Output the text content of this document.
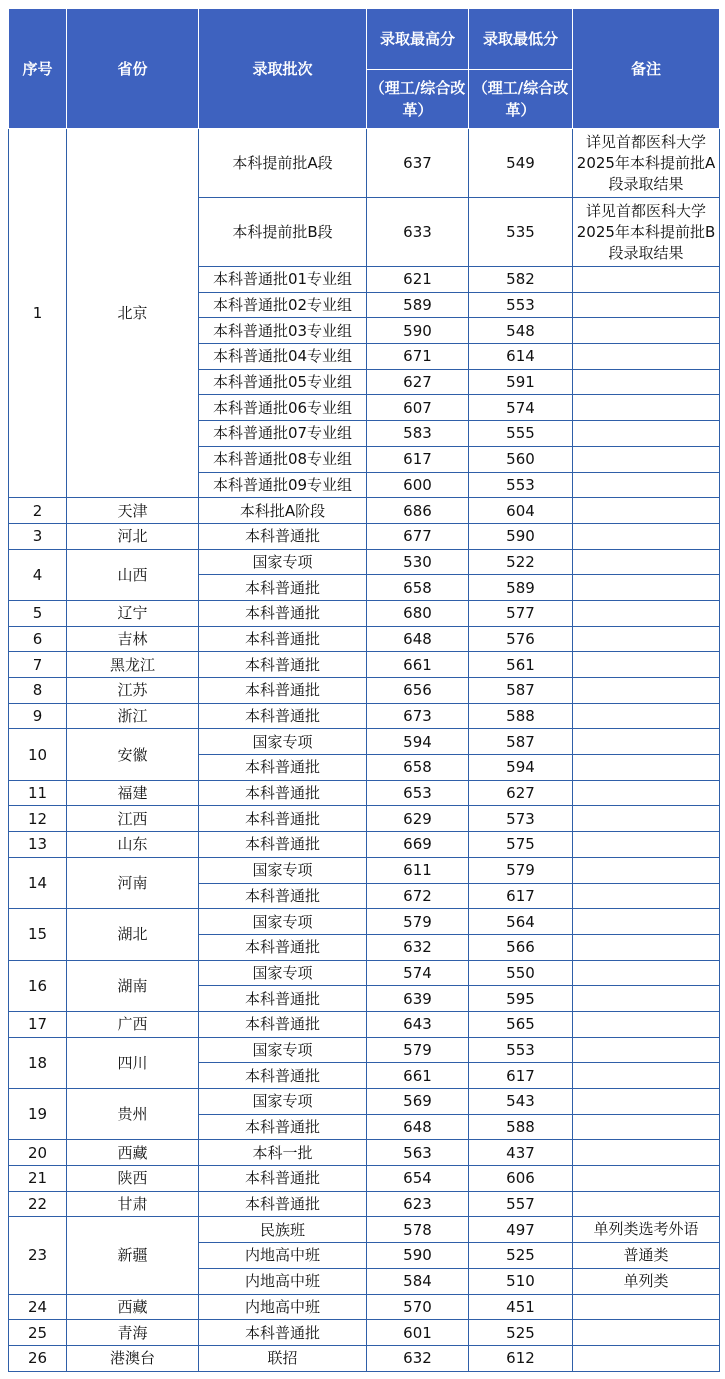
序号	省份	录取批次	录取最高分	录取最低分	备注
			（理工/综合改革）	（理工/综合改革）	
1	北京	本科提前批A段	637	549	详见首都医科大学2025年本科提前批A段录取结果
		本科提前批B段	633	535	详见首都医科大学2025年本科提前批B段录取结果
		本科普通批01专业组	621	582	
		本科普通批02专业组	589	553	
		本科普通批03专业组	590	548	
		本科普通批04专业组	671	614	
		本科普通批05专业组	627	591	
		本科普通批06专业组	607	574	
		本科普通批07专业组	583	555	
		本科普通批08专业组	617	560	
		本科普通批09专业组	600	553	
2	天津	本科批A阶段	686	604	
3	河北	本科普通批	677	590	
4	山西	国家专项	530	522	
		本科普通批	658	589	
5	辽宁	本科普通批	680	577	
6	吉林	本科普通批	648	576	
7	黑龙江	本科普通批	661	561	
8	江苏	本科普通批	656	587	
9	浙江	本科普通批	673	588	
10	安徽	国家专项	594	587	
		本科普通批	658	594	
11	福建	本科普通批	653	627	
12	江西	本科普通批	629	573	
13	山东	本科普通批	669	575	
14	河南	国家专项	611	579	
		本科普通批	672	617	
15	湖北	国家专项	579	564	
		本科普通批	632	566	
16	湖南	国家专项	574	550	
		本科普通批	639	595	
17	广西	本科普通批	643	565	
18	四川	国家专项	579	553	
		本科普通批	661	617	
19	贵州	国家专项	569	543	
		本科普通批	648	588	
20	西藏	本科一批	563	437	
21	陕西	本科普通批	654	606	
22	甘肃	本科普通批	623	557	
23	新疆	民族班	578	497	单列类选考外语
		内地高中班	590	525	普通类
		内地高中班	584	510	单列类
24	西藏	内地高中班	570	451	
25	青海	本科普通批	601	525	
26	港澳台	联招	632	612	
